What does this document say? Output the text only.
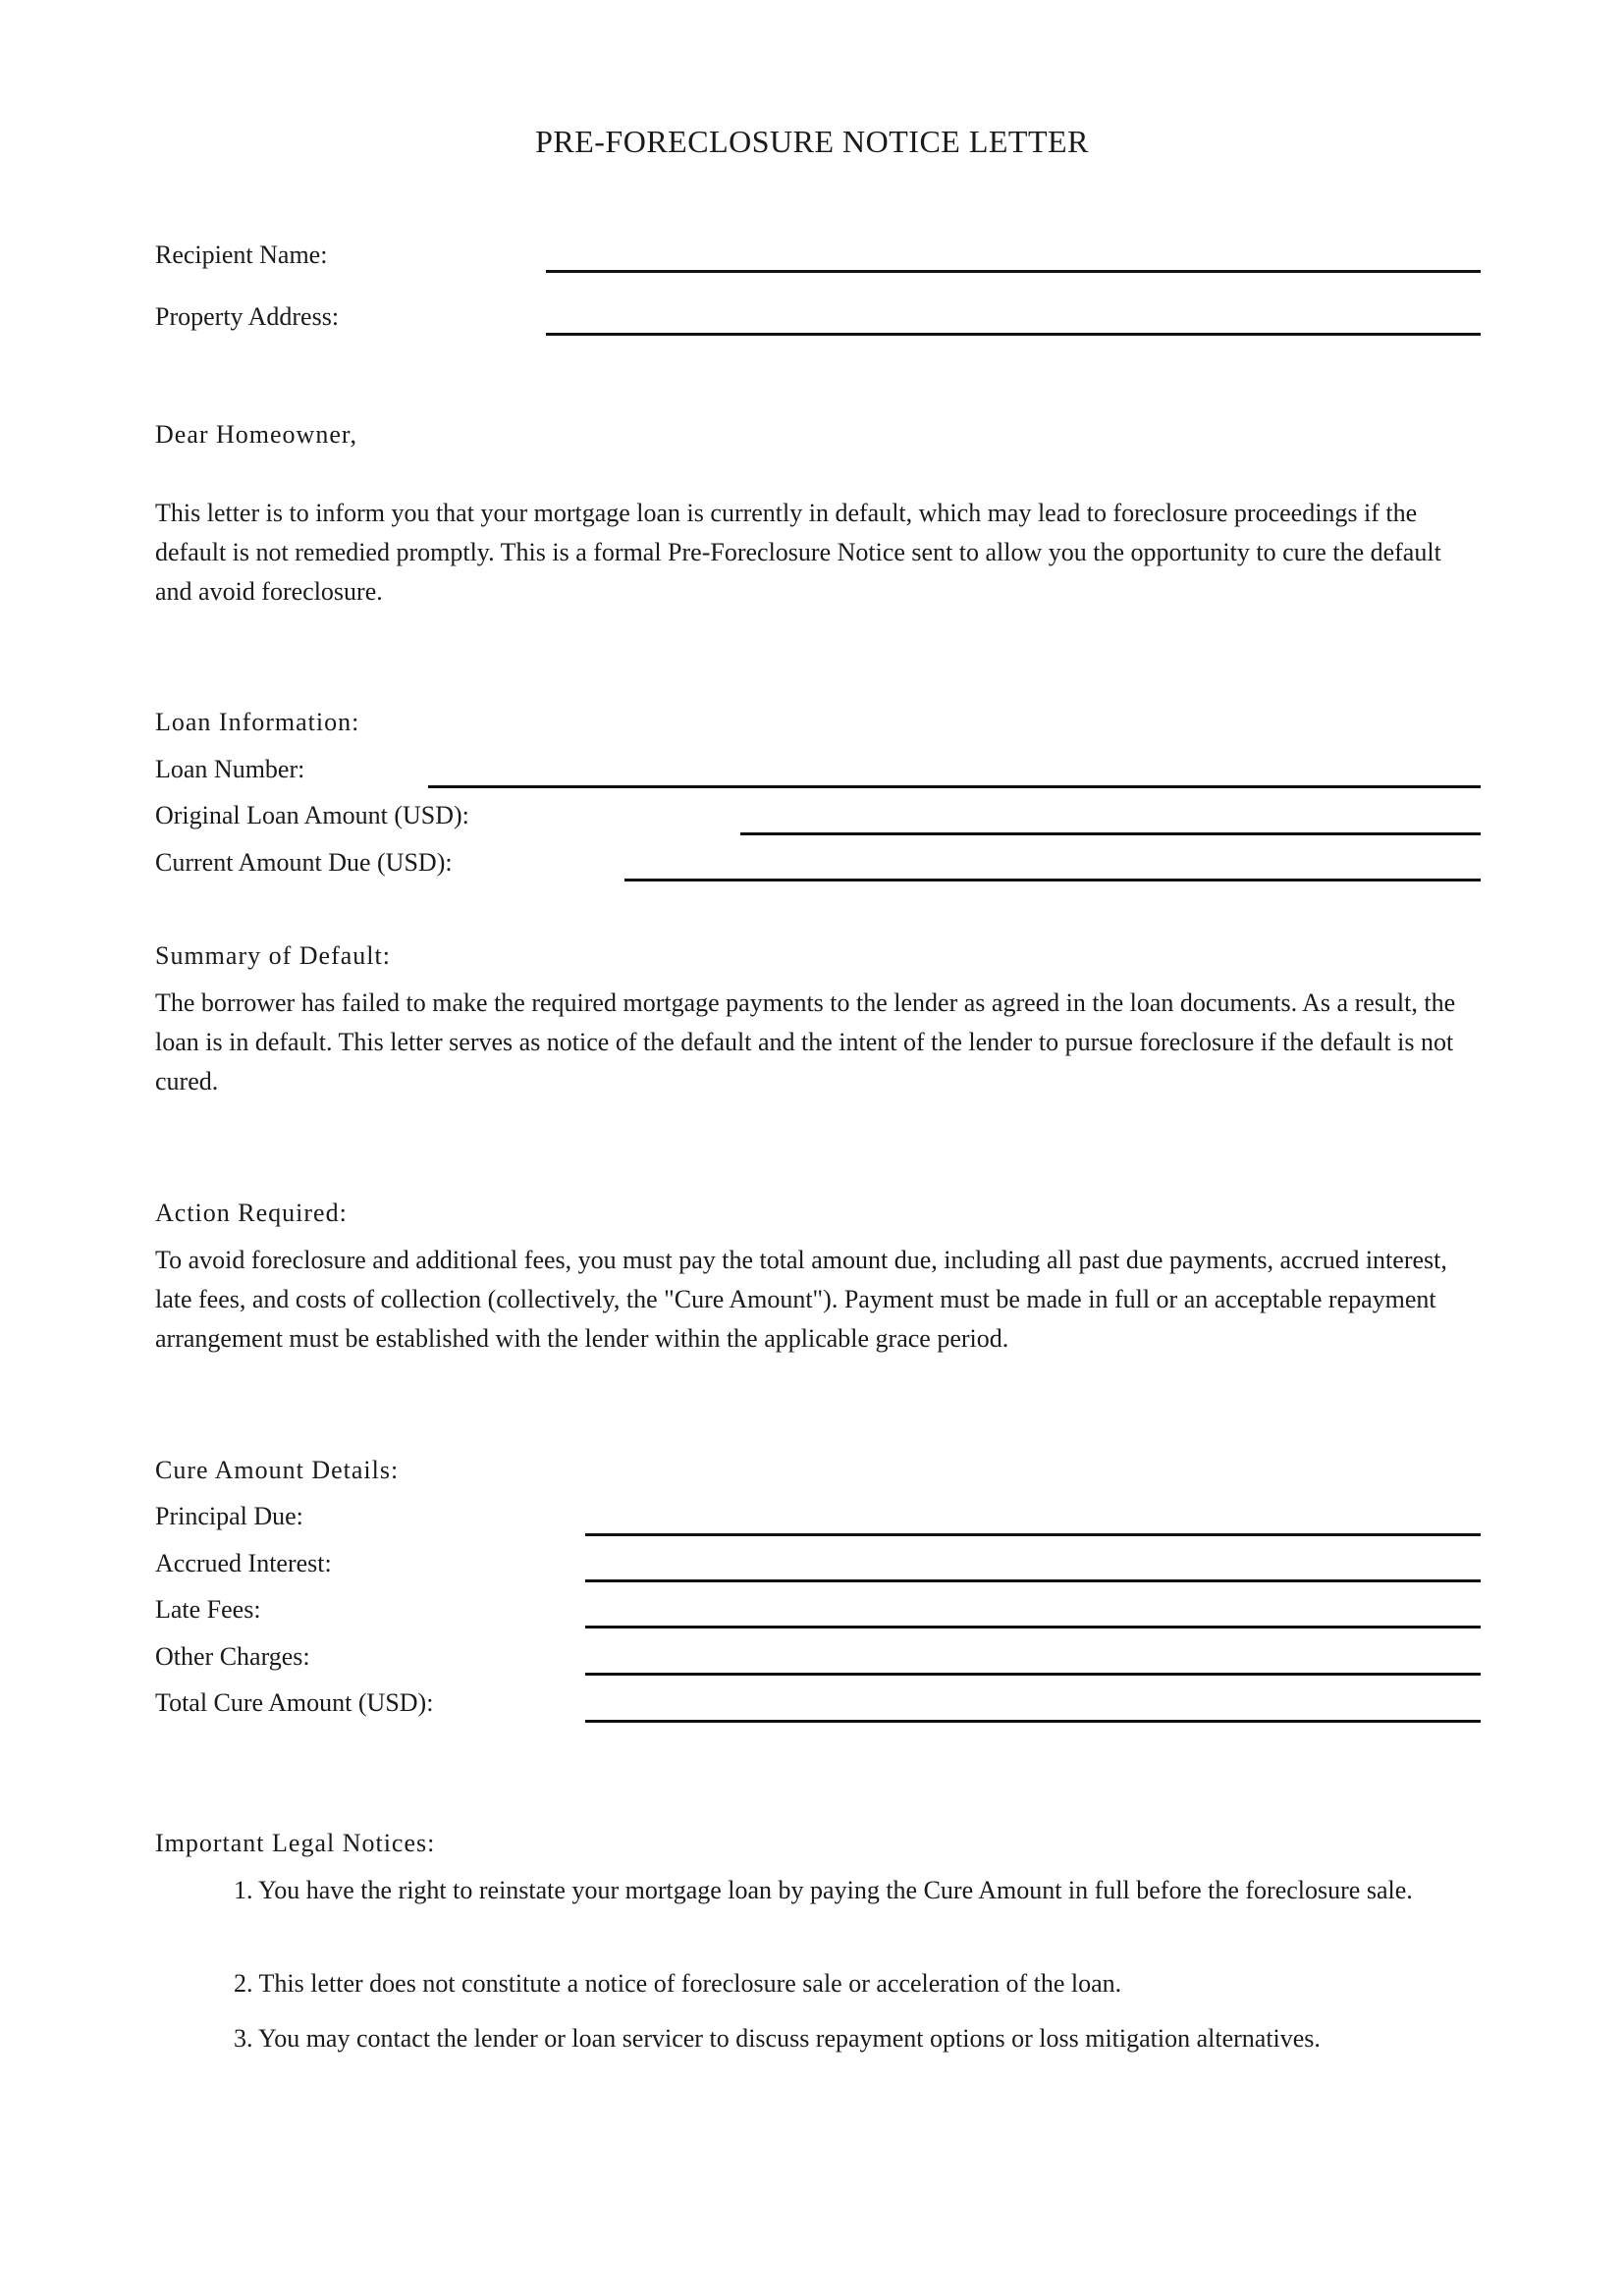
PRE-FORECLOSURE NOTICE LETTER
Recipient Name:
Property Address:
Dear Homeowner,
This letter is to inform you that your mortgage loan is currently in default, which may lead to foreclosure proceedings if the default is not remedied promptly. This is a formal Pre-Foreclosure Notice sent to allow you the opportunity to cure the default and avoid foreclosure.
Loan Information:
Loan Number:
Original Loan Amount (USD):
Current Amount Due (USD):
Summary of Default:
The borrower has failed to make the required mortgage payments to the lender as agreed in the loan documents. As a result, the loan is in default. This letter serves as notice of the default and the intent of the lender to pursue foreclosure if the default is not cured.
Action Required:
To avoid foreclosure and additional fees, you must pay the total amount due, including all past due payments, accrued interest, late fees, and costs of collection (collectively, the "Cure Amount"). Payment must be made in full or an acceptable repayment arrangement must be established with the lender within the applicable grace period.
Cure Amount Details:
Principal Due:
Accrued Interest:
Late Fees:
Other Charges:
Total Cure Amount (USD):
Important Legal Notices:
1. You have the right to reinstate your mortgage loan by paying the Cure Amount in full before the foreclosure sale.
2. This letter does not constitute a notice of foreclosure sale or acceleration of the loan.
3. You may contact the lender or loan servicer to discuss repayment options or loss mitigation alternatives.
